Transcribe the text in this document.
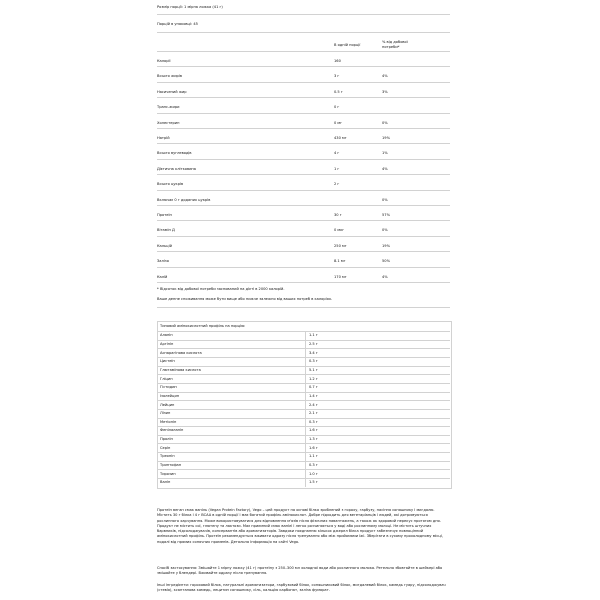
Розмір порції: 1 мірна ложка (41 г)
Порцій в упаковці: 45
В одній порції
% від добової
потреби*
Калорії	160
Всього жирів	3 г	4%
Насичений жир	0.5 г	3%
Транс-жири	0 г
Холестерин	0 мг	0%
Натрій	430 мг	19%
Всього вуглеводів	4 г	1%
Дієтична клітковина	1 г	4%
Всього цукрів	2 г
Включає 0 г доданих цукрів	0%
Протеїн	30 г	57%
Вітамін Д	0 мкг	0%
Кальцій	250 мг	19%
Залізо	8.1 мг	50%
Калій	170 мг	4%
* Відсоток від добової потреби заснований на дієті в 2000 калорій.
Ваше денне споживання може бути вище або нижче залежно від ваших потреб в калоріях.
Типовий амінокислотний профіль на порцію:
Аланін	1.1 г
Аргінін	2.5 г
Аспарагінова кислота	3.4 г
Цистеїн	0.3 г
Глютамінова кислота	5.1 г
Гліцин	1.2 г
Гістидин	0.7 г
Ізолейцин	1.4 г
Лейцин	2.4 г
Лізин	2.1 г
Метіонін	0.3 г
Фенілаланін	1.6 г
Пролін	1.3 г
Серін	1.6 г
Треонін	1.1 г
Триптофан	0.3 г
Тирозин	1.0 г
Валін	1.5 г
Протеїн веган смак ваніль (Vegan Protein Factory), Vego – цей продукт на основі білка зроблений з гороху, гарбузу, насіння соняшнику і мигдалю. Містить 30 г білка і 4 г BCAA в одній порції і має багатий профіль амінокислот. Добре підходить для вегетаріанців і людей, які дотримуються рослинного харчування. Може використовуватися для відновлення м'язів після фізичних навантажень, а також як здоровий перекус протягом дня. Продукт не містить сої, глютену та лактози. Має приємний смак ванілі і легко розчиняється у воді або рослинному молоці. Не містить штучних барвників, підсолоджувачів, консервантів або ароматизаторів. Завдяки поєднанню кількох джерел білка продукт забезпечує повноцінний амінокислотний профіль. Протеїн рекомендується вживати одразу після тренування або між прийомами їжі. Зберігати в сухому прохолодному місці, подалі від прямих сонячних променів. Детальна інформація на сайті Vego.
Спосіб застосування: Змішайте 1 мірну ложку (41 г) протеїну з 250–300 мл холодної води або рослинного молока. Ретельно збовтайте в шейкері або змішайте у блендері. Вживайте одразу після тренування.
Інші інгредієнти: гороховий білок, натуральні ароматизатори, гарбузовий білок, соняшниковий білок, мигдалевий білок, камедь гуару, підсолоджувач (стевія), ксантанова камедь, лецитин соняшнику, сіль, кальцію карбонат, заліза фумарат.
